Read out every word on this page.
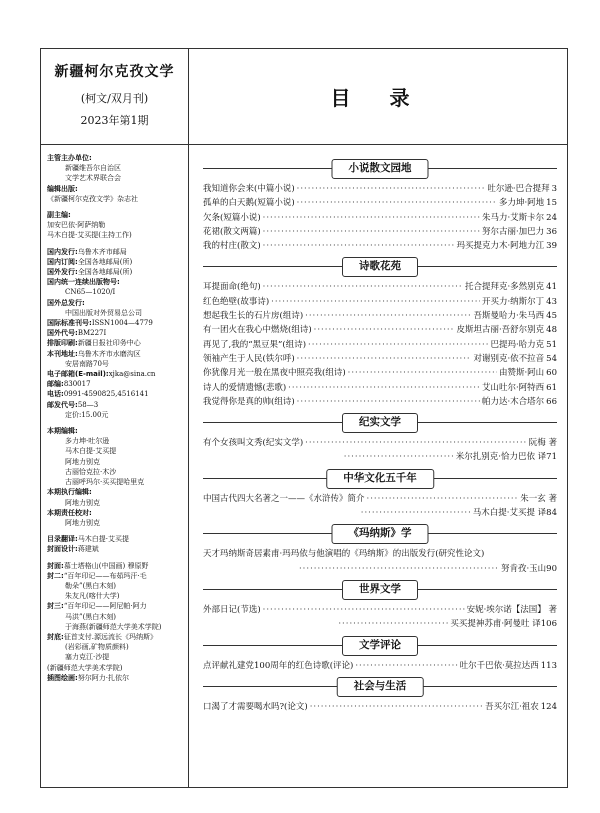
新疆柯尔克孜文学
(柯文/双月刊)
2023年第1期
主管主办单位:
新疆维吾尔自治区
文学艺术界联合会
编辑出版:
《新疆柯尔克孜文学》杂志社
副主编:
加安巴依·阿萨纳勒
马木白提·艾买提(主持工作)
国内发行:乌鲁木齐市邮局
国内订阅:全国各地邮局(所)
国外发行:全国各地邮局(所)
国内统一连续出版物号:
CN65—1020/I
国外总发行:
中国出版对外贸易总公司
国际标准刊号:ISSN1004—4779
国外代号:BM227I
排版印刷:新疆日报社印务中心
本刊地址:乌鲁木齐市水磨沟区
安居南路70号
电子邮箱(E-mail):xjka@sina.cn
邮编:830017
电话:0991-4590825,4516141
邮发代号:58—3
定价:15.00元
本期编辑:
多力坤·吐尔逊
马木白提·艾买提
阿地力别克
古丽恰克拉·木沙
古丽呼玛尔·买买提哈里克
本期执行编辑:
阿地力别克
本期责任校对:
阿地力别克
目录翻译:马木白提·艾买提
封面设计:蒋建斌
封面:慕士塔格山(中国画) 穆原野
封二:“百年印记——布茹玛汗·毛
勒朵”(黑白木刻)
朱友凡(喀什大学)
封三:“百年印记——阿尼帕·阿力
马洪”(黑白木刻)
于海燕(新疆师范大学美术学院)
封底:征首支付.源远流长《玛纳斯》
(岩彩画,矿物质颜料)
塞力克江·沙提
(新疆师范大学美术学院)
插图绘画:努尔阿力·扎依尔
目 录
小说散文园地
我知道你会来(中篇小说) ·····	吐尔逊·巴合提拜 3
孤单的白天鹅(短篇小说) ·····	多力坤·阿地 15
欠条(短篇小说) ·····	朱马力·艾斯卡尔 24
花裙(散文两篇) ·····	努尔古丽·加巴力 36
我的村庄(散文) ·····	玛买提克力木·阿地力江 39
诗歌花苑
耳提面命(绝句) ·····	托合提拜克·多然别克 41
红色绝壁(故事诗) ·····	开买力·纳斯尔丁 43
想起我生长的石片房(组诗) ·····	吾斯曼哈力·朱马西 45
有一团火在我心中燃烧(组诗) ·····	皮斯坦古丽·吾舒尔别克 48
再见了,我的“黑豆果”(组诗) ·····	巴提玛·哈力克 51
领袖产生于人民(铁尔呼) ·····	对谢别克·依不拉音 54
你犹像月光一般在黑夜中照亮我(组诗) ·····	由赞斯·阿山 60
诗人的爱情遗憾(悲歌) ·····	艾山吐尔·阿特西 61
我觉得你是真的帅(组诗) ·····	帕力达·木合塔尔 66
纪实文学
有个女孩叫文秀(纪实文学) ·····	阮梅 著
·····米尔扎别克·恰力巴依 译71
中华文化五千年
中国古代四大名著之一——《水浒传》简介 ·····	朱一玄 著
·····马木白提·艾买提 译84
《玛纳斯》学
天才玛纳斯奇居素甫·玛玛依与他演唱的《玛纳斯》的出版发行(研究性论文)
·····努肯孜·玉山90
世界文学
外部日记(节选) ·····	安妮·埃尔诺【法国】 著
·····买买提神苏甫·阿曼吐 译106
文学评论
点评献礼建党100周年的红色诗歌(评论) ·····	吐尔千巴依·莫拉达西 113
社会与生活
口渴了才需要喝水吗?(论文) ·····	吾买尔江·祖农 124
